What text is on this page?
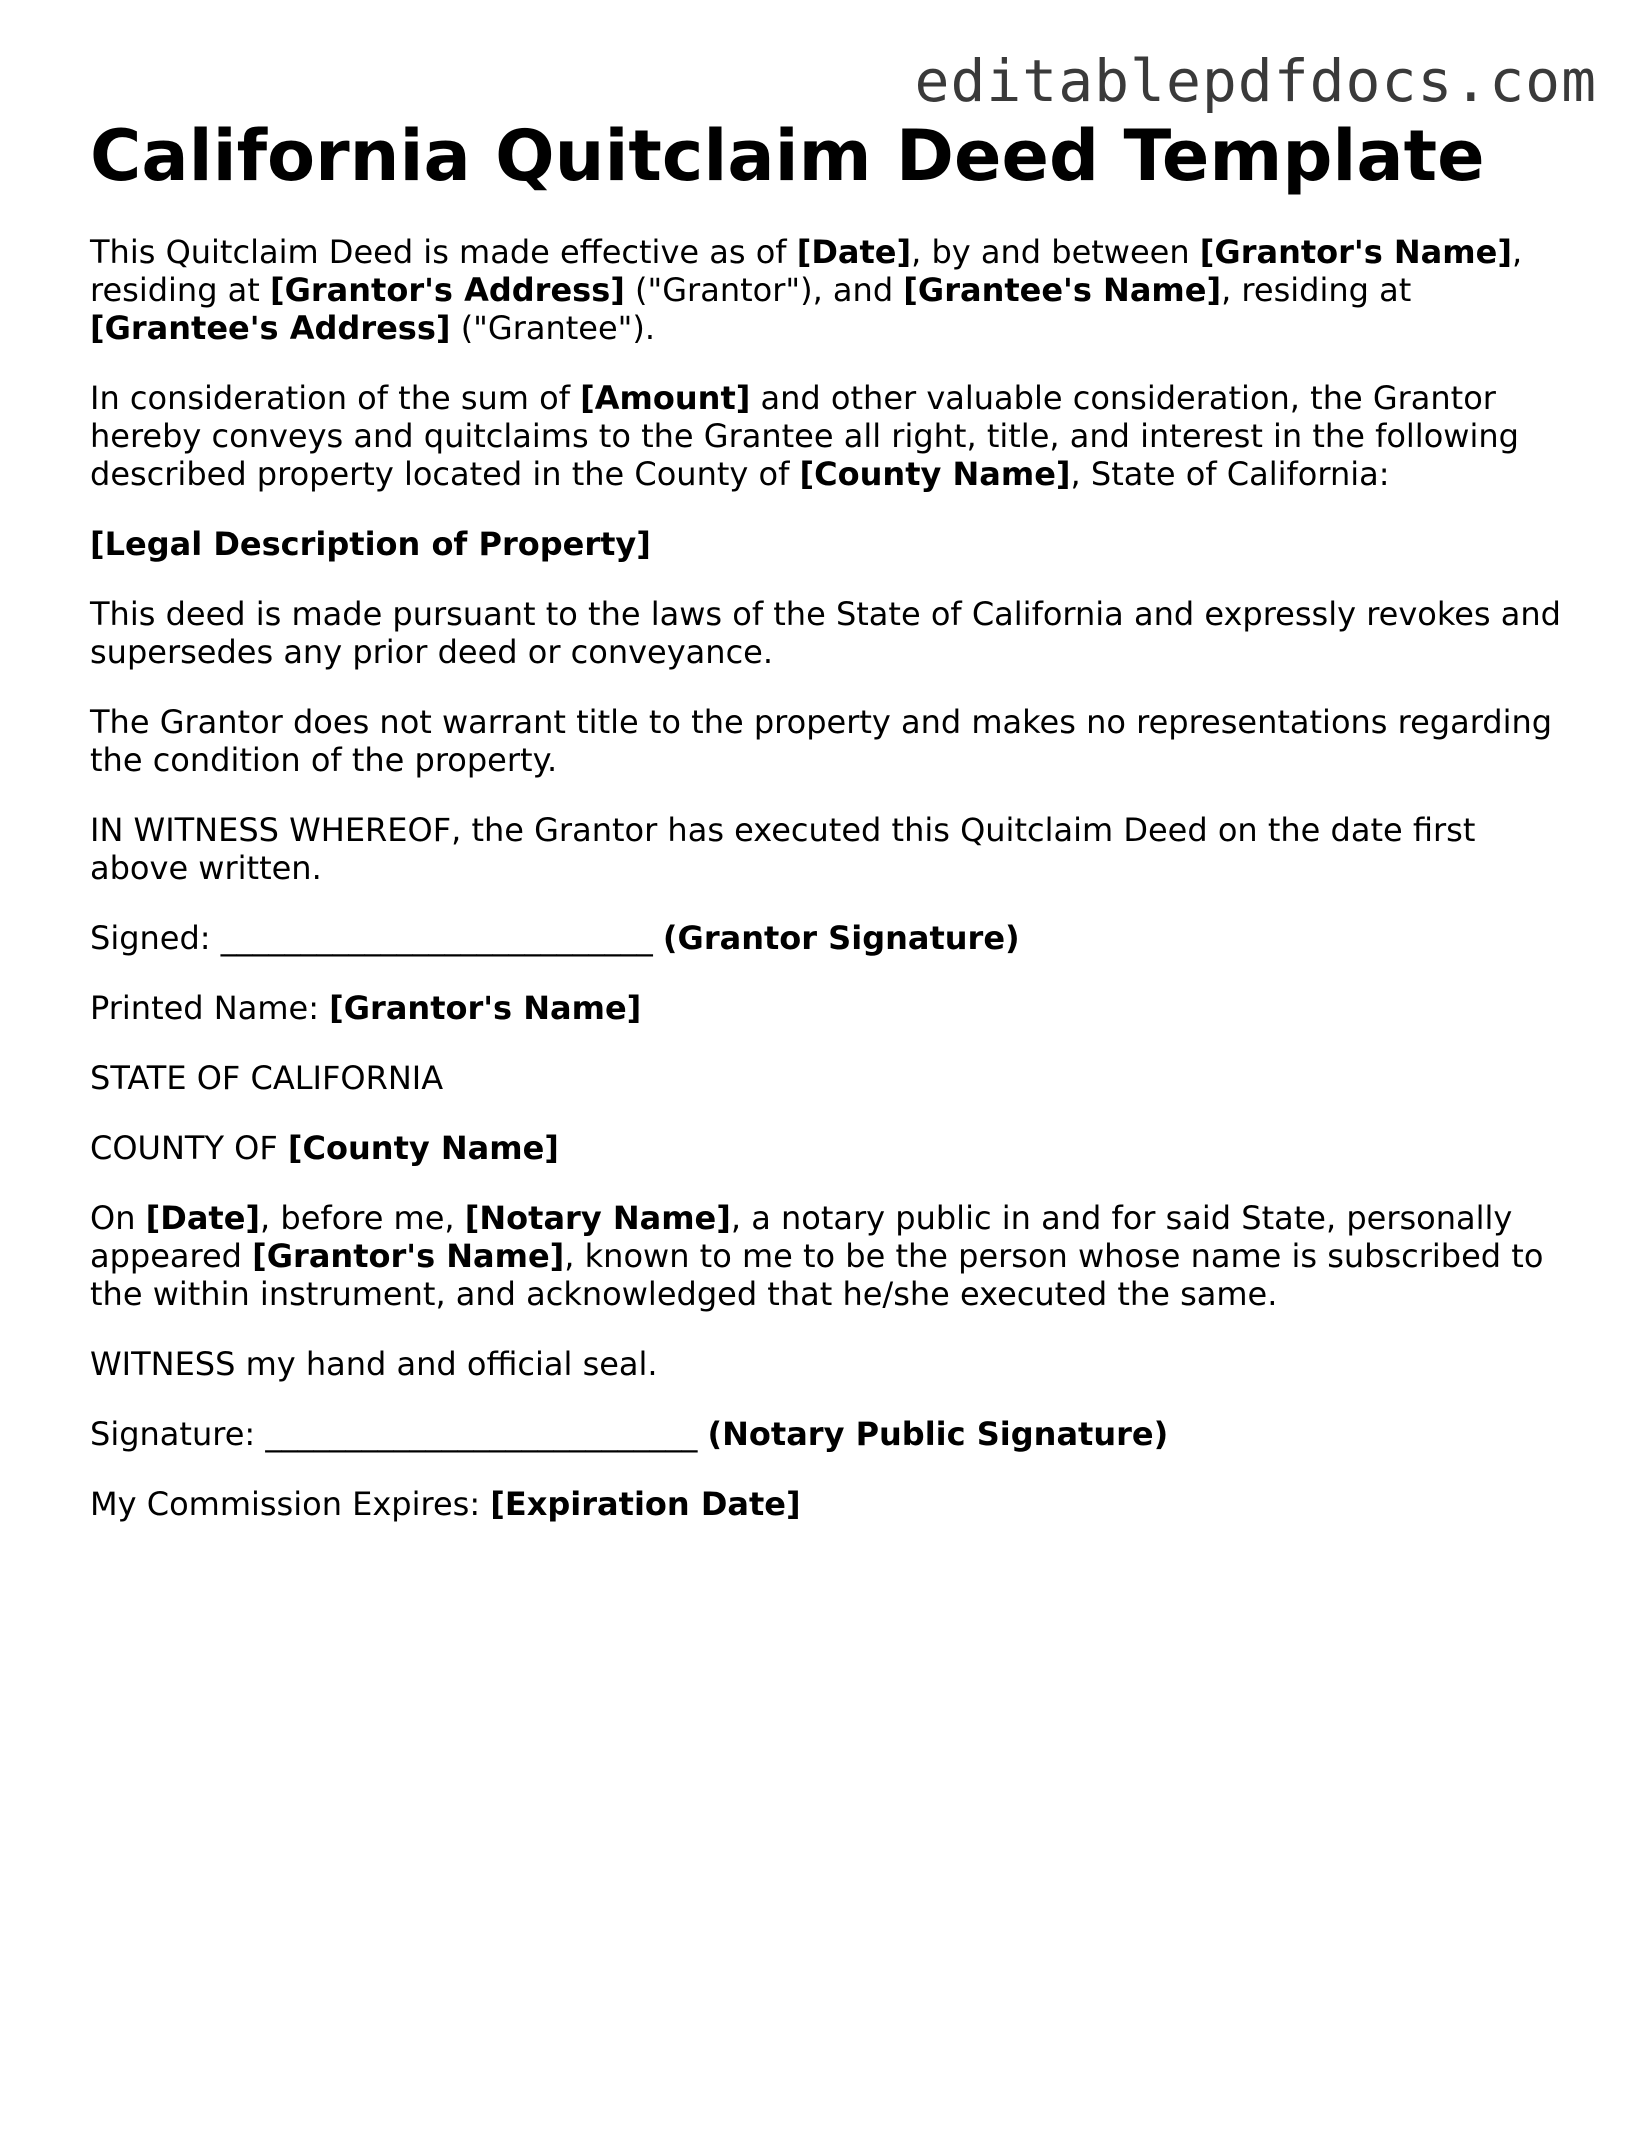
editablepdfdocs.com
California Quitclaim Deed Template

This Quitclaim Deed is made effective as of [Date], by and between [Grantor's Name], residing at [Grantor's Address] ("Grantor"), and [Grantee's Name], residing at [Grantee's Address] ("Grantee").

In consideration of the sum of [Amount] and other valuable consideration, the Grantor hereby conveys and quitclaims to the Grantee all right, title, and interest in the following described property located in the County of [County Name], State of California:

[Legal Description of Property]

This deed is made pursuant to the laws of the State of California and expressly revokes and supersedes any prior deed or conveyance.

The Grantor does not warrant title to the property and makes no representations regarding the condition of the property.

IN WITNESS WHEREOF, the Grantor has executed this Quitclaim Deed on the date first above written.

Signed: ___________________________ (Grantor Signature)

Printed Name: [Grantor's Name]

STATE OF CALIFORNIA

COUNTY OF [County Name]

On [Date], before me, [Notary Name], a notary public in and for said State, personally appeared [Grantor's Name], known to me to be the person whose name is subscribed to the within instrument, and acknowledged that he/she executed the same.

WITNESS my hand and official seal.

Signature: ___________________________ (Notary Public Signature)

My Commission Expires: [Expiration Date]
